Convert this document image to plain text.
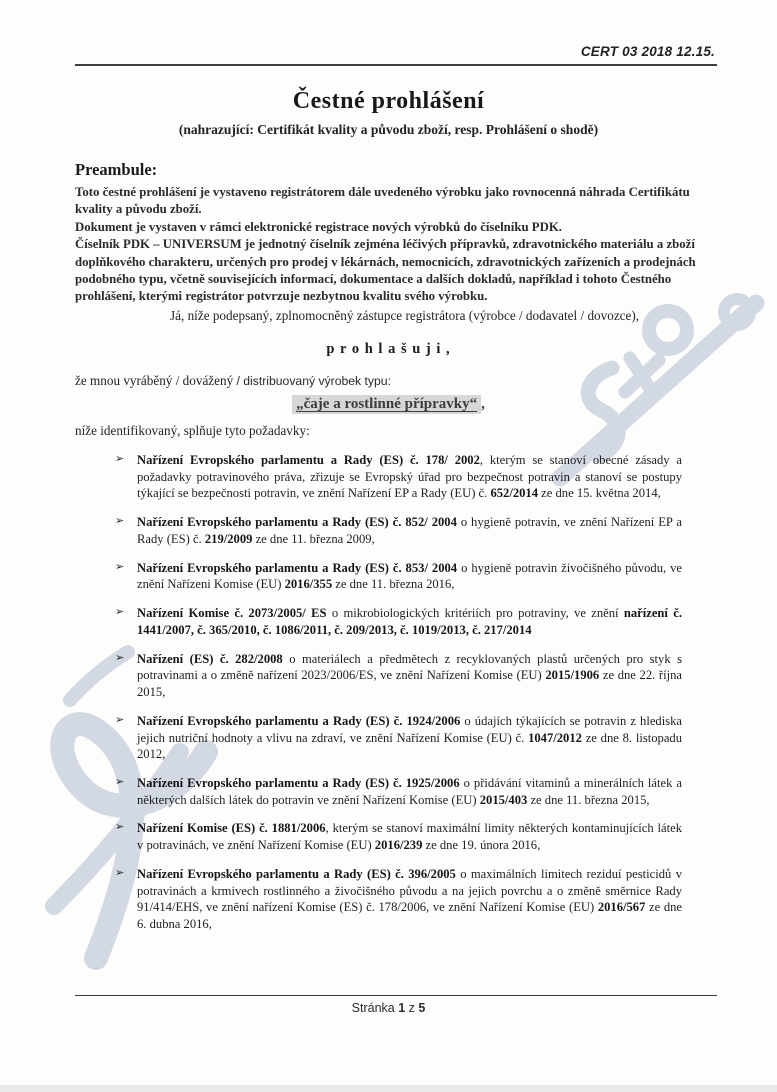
CERT 03 2018 12.15.
Čestné prohlášení
(nahrazující: Certifikát kvality a původu zboží, resp. Prohlášení o shodě)
Preambule:

Toto čestné prohlášení je vystaveno registrátorem dále uvedeného výrobku jako rovnocenná náhrada Certifikátu kvality a původu zboží.

Dokument je vystaven v rámci elektronické registrace nových výrobků do číselníku PDK.

Číselník PDK – UNIVERSUM je jednotný číselník zejména léčivých přípravků, zdravotnického materiálu a zboží doplňkového charakteru, určených pro prodej v lékárnách, nemocnicích, zdravotnických zařízeních a prodejnách podobného typu, včetně souvisejících informací, dokumentace a dalších dokladů, například i tohoto Čestného prohlášení, kterými registrátor potvrzuje nezbytnou kvalitu svého výrobku.

Já, níže podepsaný, zplnomocněný zástupce registrátora (výrobce / dodavatel / dovozce),
p r o h l a š u j i ,
že mnou vyráběný / dovážený / distribuovaný výrobek typu:
„čaje a rostlinné přípravky“ ,
níže identifikovaný, splňuje tyto požadavky:
➢ Nařízení Evropského parlamentu a Rady (ES) č. 178/ 2002, kterým se stanoví obecné zásady a požadavky potravinového práva, zřizuje se Evropský úřad pro bezpečnost potravin a stanoví se postupy týkající se bezpečnosti potravin, ve znění Nařízení EP a Rady (EU) č. 652/2014 ze dne 15. května 2014,
➢ Nařízení Evropského parlamentu a Rady (ES) č. 852/ 2004 o hygieně potravin, ve znění Nařízení EP a Rady (ES) č. 219/2009 ze dne 11. března 2009,
➢ Nařízení Evropského parlamentu a Rady (ES) č. 853/ 2004 o hygieně potravin živočišného původu, ve znění Nařízeni Komise (EU) 2016/355 ze dne 11. března 2016,
➢ Nařízení Komise č. 2073/2005/ ES o mikrobiologických kritériích pro potraviny, ve znění nařízení č. 1441/2007, č. 365/2010, č. 1086/2011, č. 209/2013, č. 1019/2013, č. 217/2014
➢ Nařízení (ES) č. 282/2008 o materiálech a předmětech z recyklovaných plastů určených pro styk s potravinami a o změně nařízení 2023/2006/ES, ve znění Nařízení Komise (EU) 2015/1906 ze dne 22. října 2015,
➢ Nařízení Evropského parlamentu a Rady (ES) č. 1924/2006 o údajích týkajících se potravin z hlediska jejich nutriční hodnoty a vlivu na zdraví, ve znění Nařízení Komise (EU) č. 1047/2012 ze dne 8. listopadu 2012,
➢ Nařízení Evropského parlamentu a Rady (ES) č. 1925/2006 o přidávání vitaminů a minerálních látek a některých dalších látek do potravin ve znění Nařízení Komise (EU) 2015/403 ze dne 11. března 2015,
➢ Nařízení Komise (ES) č. 1881/2006, kterým se stanoví maximální limity některých kontaminujících látek v potravinách, ve znění Nařízení Komise (EU) 2016/239 ze dne 19. února 2016,
➢ Nařízení Evropského parlamentu a Rady (ES) č. 396/2005 o maximálních limitech reziduí pesticidů v potravinách a krmivech rostlinného a živočišného původu a na jejich povrchu a o změně směrnice Rady 91/414/EHS, ve znění nařízení Komise (ES) č. 178/2006, ve znění Nařízení Komise (EU) 2016/567 ze dne 6. dubna 2016,
Stránka 1 z 5
